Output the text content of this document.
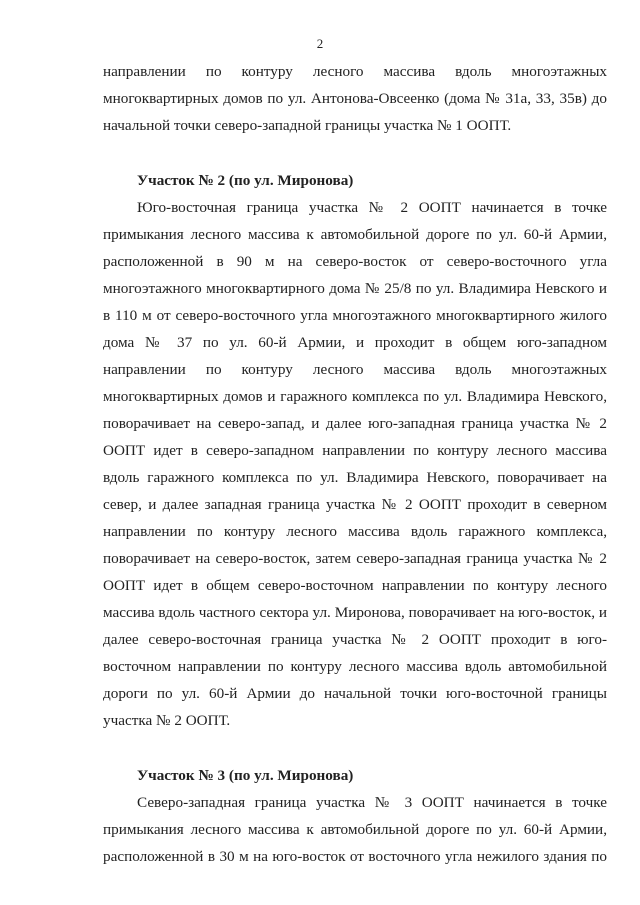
2

направлении по контуру лесного массива вдоль многоэтажных многоквартирных домов по ул. Антонова-Овсеенко (дома № 31а, 33, 35в) до начальной точки северо-западной границы участка № 1 ООПТ.

Участок № 2 (по ул. Миронова)

Юго-восточная граница участка № 2 ООПТ начинается в точке примыкания лесного массива к автомобильной дороге по ул. 60-й Армии, расположенной в 90 м на северо-восток от северо-восточного угла многоэтажного многоквартирного дома № 25/8 по ул. Владимира Невского и в 110 м от северо-восточного угла многоэтажного многоквартирного жилого дома № 37 по ул. 60-й Армии, и проходит в общем юго-западном направлении по контуру лесного массива вдоль многоэтажных многоквартирных домов и гаражного комплекса по ул. Владимира Невского, поворачивает на северо-запад, и далее юго-западная граница участка № 2 ООПТ идет в северо-западном направлении по контуру лесного массива вдоль гаражного комплекса по ул. Владимира Невского, поворачивает на север, и далее западная граница участка № 2 ООПТ проходит в северном направлении по контуру лесного массива вдоль гаражного комплекса, поворачивает на северо-восток, затем северо-западная граница участка № 2 ООПТ идет в общем северо-восточном направлении по контуру лесного массива вдоль частного сектора ул. Миронова, поворачивает на юго-восток, и далее северо-восточная граница участка № 2 ООПТ проходит в юго-восточном направлении по контуру лесного массива вдоль автомобильной дороги по ул. 60-й Армии до начальной точки юго-восточной границы участка № 2 ООПТ.

Участок № 3 (по ул. Миронова)

Северо-западная граница участка № 3 ООПТ начинается в точке примыкания лесного массива к автомобильной дороге по ул. 60-й Армии, расположенной в 30 м на юго-восток от восточного угла нежилого здания по
